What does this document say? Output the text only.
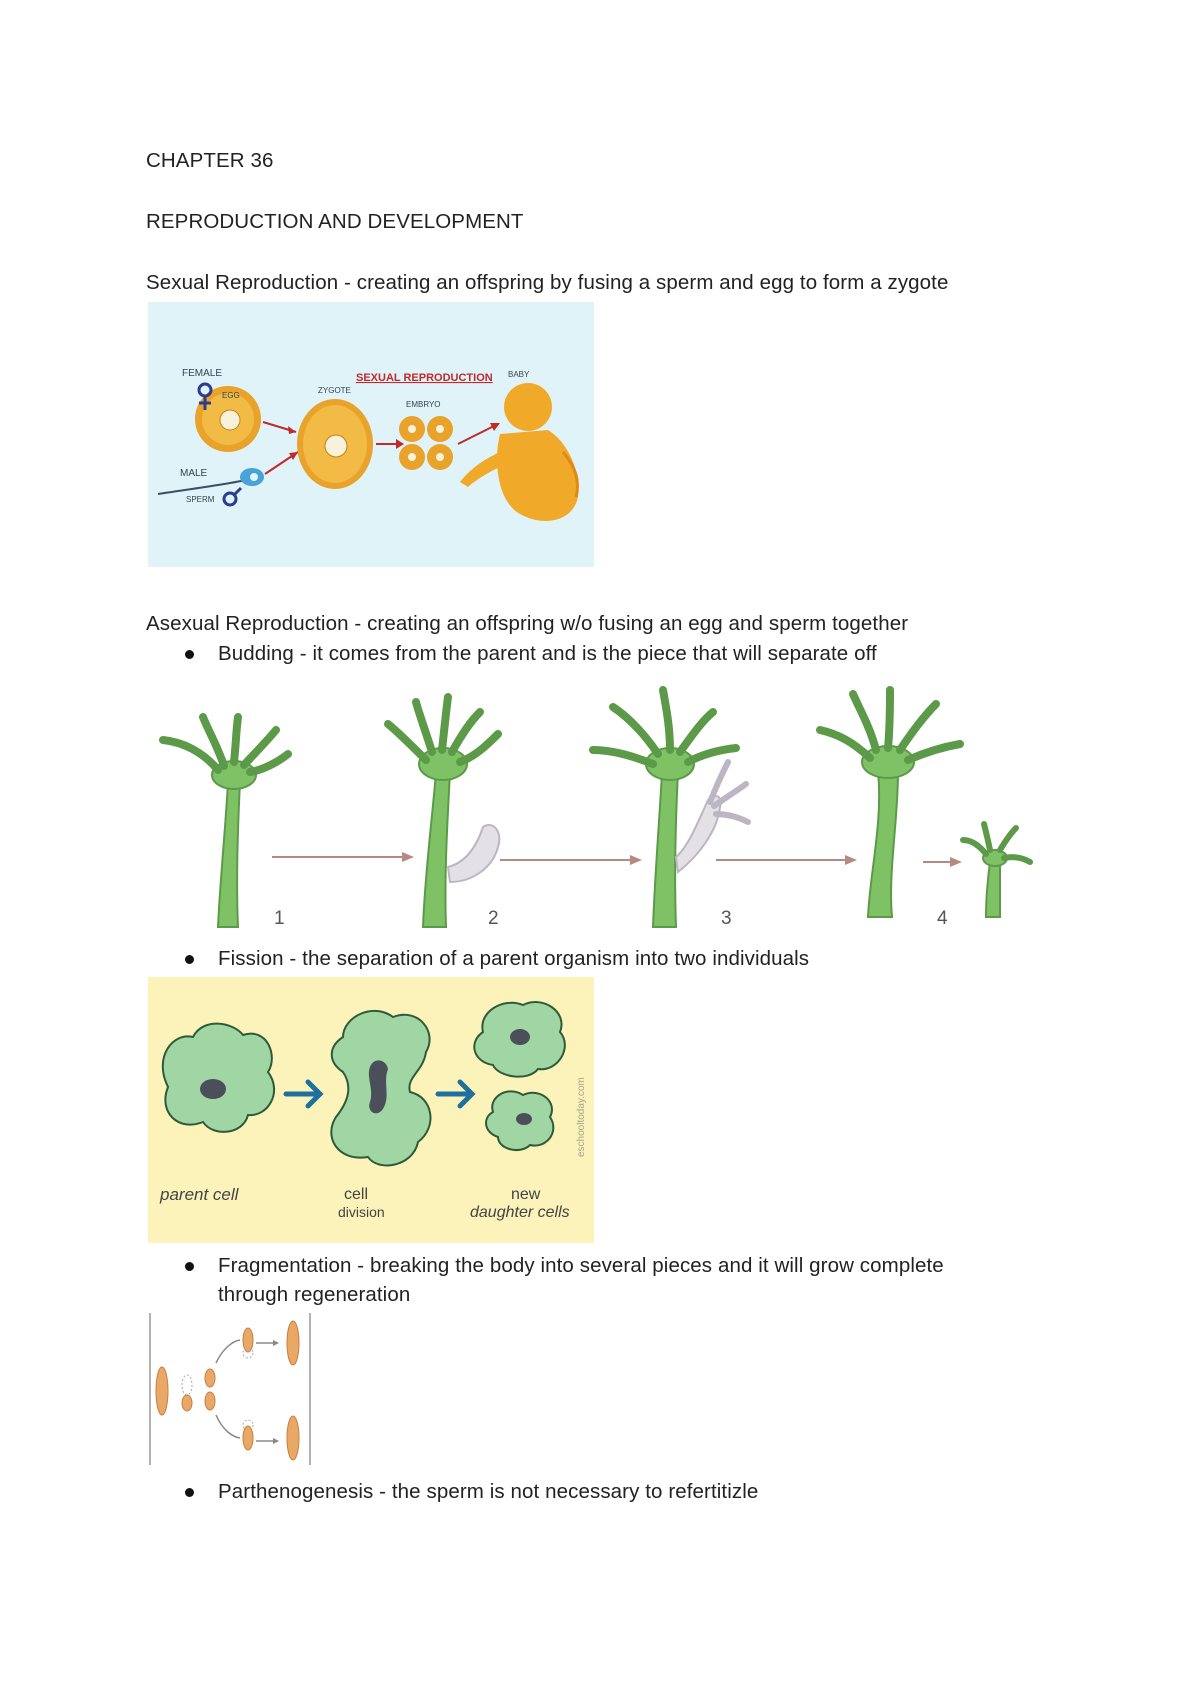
CHAPTER 36
REPRODUCTION AND DEVELOPMENT
Sexual Reproduction - creating an offspring by fusing a sperm and egg to form a zygote
FEMALE
EGG
MALE
SPERM
ZYGOTE
EMBRYO
SEXUAL REPRODUCTION BABY
Asexual Reproduction - creating an offspring w/o fusing an egg and sperm together
Budding - it comes from the parent and is the piece that will separate off
1	2	3	4
Fission - the separation of a parent organism into two individuals
eschooltoday.com
parent cell	cell
division
new
daughter cells
Fragmentation - breaking the body into several pieces and it will grow complete
through regeneration
Parthenogenesis - the sperm is not necessary to refertitizle
